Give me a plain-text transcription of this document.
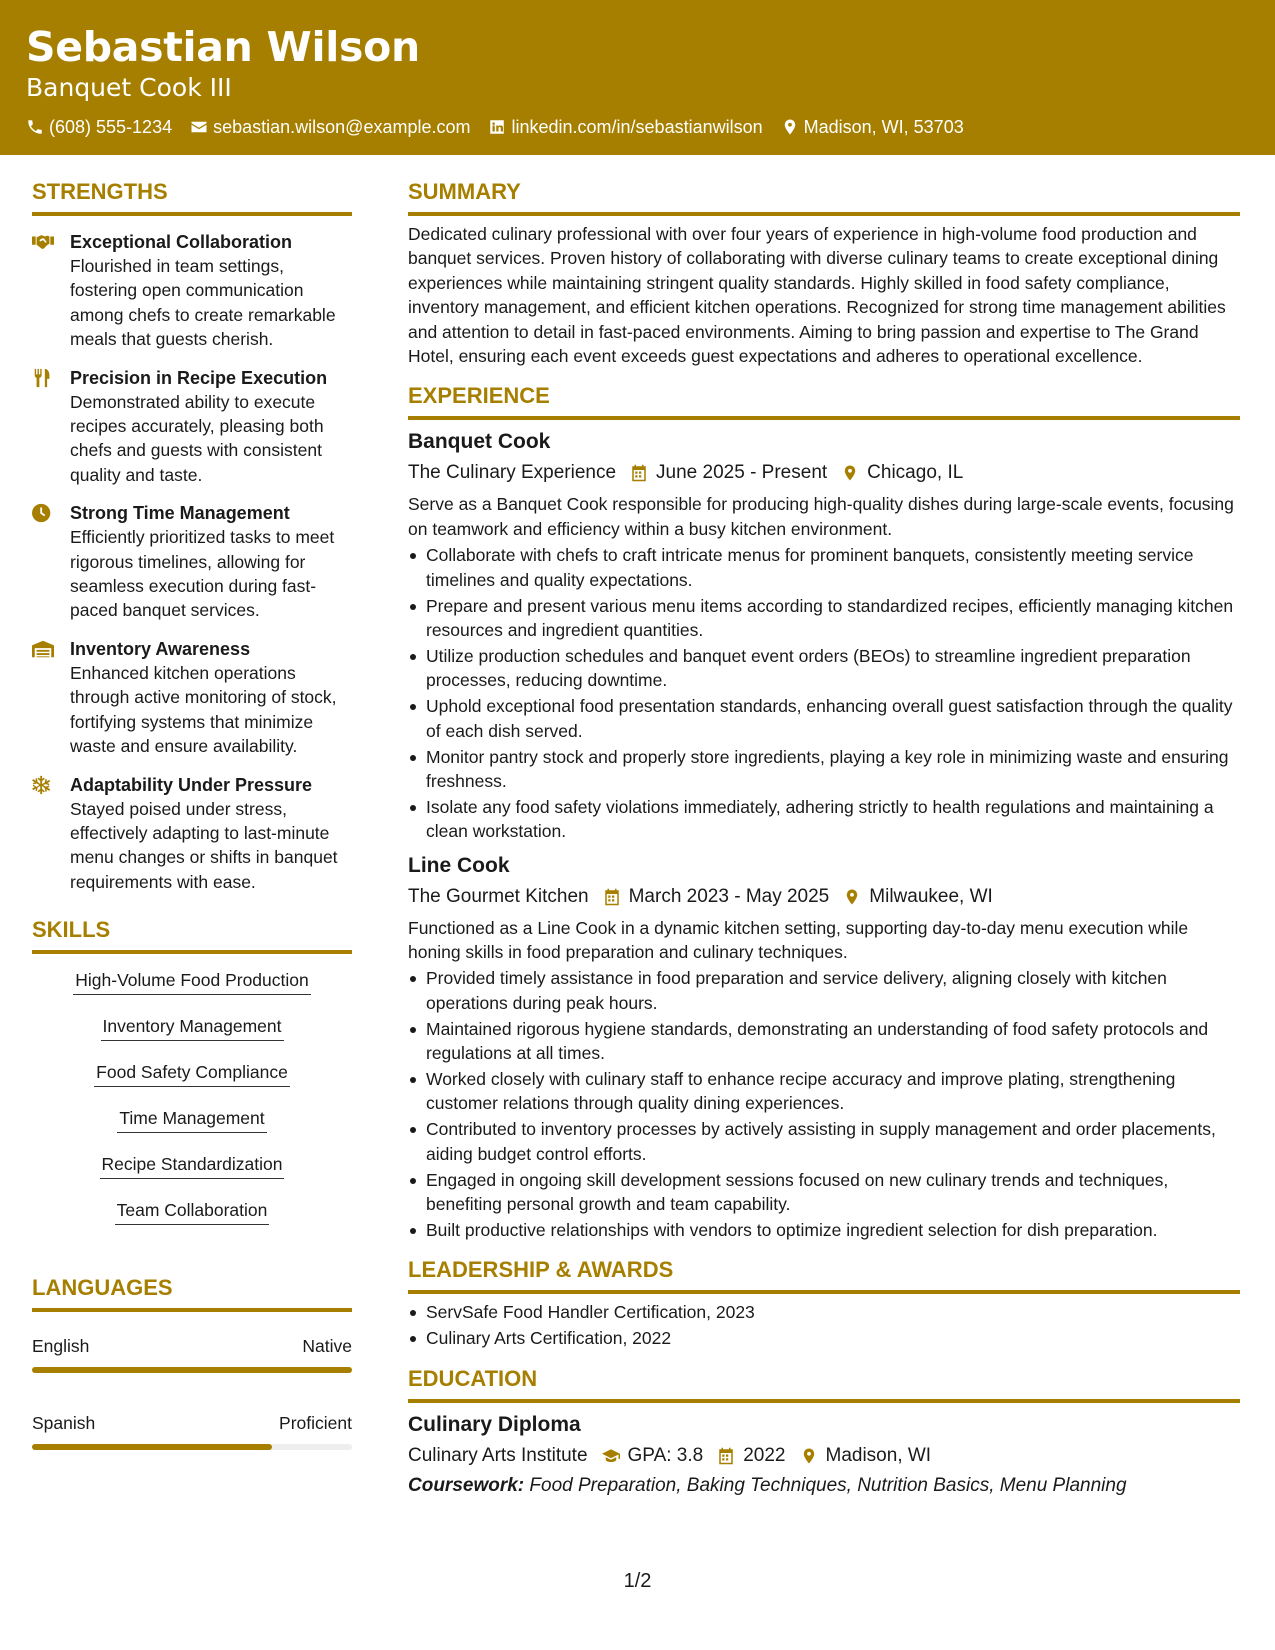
Sebastian Wilson
Banquet Cook III
(608) 555-1234 sebastian.wilson@example.com linkedin.com/in/sebastianwilson Madison, WI, 53703
STRENGTHS
Exceptional Collaboration
Flourished in team settings, fostering open communication among chefs to create remarkable meals that guests cherish.
Precision in Recipe Execution
Demonstrated ability to execute recipes accurately, pleasing both chefs and guests with consistent quality and taste.
Strong Time Management
Efficiently prioritized tasks to meet rigorous timelines, allowing for seamless execution during fast-paced banquet services.
Inventory Awareness
Enhanced kitchen operations through active monitoring of stock, fortifying systems that minimize waste and ensure availability.
Adaptability Under Pressure
Stayed poised under stress, effectively adapting to last-minute menu changes or shifts in banquet requirements with ease.
SKILLS
High-Volume Food Production
Inventory Management
Food Safety Compliance
Time Management
Recipe Standardization
Team Collaboration
LANGUAGES
English	Native
Spanish	Proficient
SUMMARY
Dedicated culinary professional with over four years of experience in high-volume food production and banquet services. Proven history of collaborating with diverse culinary teams to create exceptional dining experiences while maintaining stringent quality standards. Highly skilled in food safety compliance, inventory management, and efficient kitchen operations. Recognized for strong time management abilities and attention to detail in fast-paced environments. Aiming to bring passion and expertise to The Grand Hotel, ensuring each event exceeds guest expectations and adheres to operational excellence.
EXPERIENCE
Banquet Cook
The Culinary Experience June 2025 - Present Chicago, IL
Serve as a Banquet Cook responsible for producing high-quality dishes during large-scale events, focusing on teamwork and efficiency within a busy kitchen environment.
Collaborate with chefs to craft intricate menus for prominent banquets, consistently meeting service timelines and quality expectations.
Prepare and present various menu items according to standardized recipes, efficiently managing kitchen resources and ingredient quantities.
Utilize production schedules and banquet event orders (BEOs) to streamline ingredient preparation processes, reducing downtime.
Uphold exceptional food presentation standards, enhancing overall guest satisfaction through the quality of each dish served.
Monitor pantry stock and properly store ingredients, playing a key role in minimizing waste and ensuring freshness.
Isolate any food safety violations immediately, adhering strictly to health regulations and maintaining a clean workstation.
Line Cook
The Gourmet Kitchen March 2023 - May 2025 Milwaukee, WI
Functioned as a Line Cook in a dynamic kitchen setting, supporting day-to-day menu execution while honing skills in food preparation and culinary techniques.
Provided timely assistance in food preparation and service delivery, aligning closely with kitchen operations during peak hours.
Maintained rigorous hygiene standards, demonstrating an understanding of food safety protocols and regulations at all times.
Worked closely with culinary staff to enhance recipe accuracy and improve plating, strengthening customer relations through quality dining experiences.
Contributed to inventory processes by actively assisting in supply management and order placements, aiding budget control efforts.
Engaged in ongoing skill development sessions focused on new culinary trends and techniques, benefiting personal growth and team capability.
Built productive relationships with vendors to optimize ingredient selection for dish preparation.
LEADERSHIP & AWARDS
ServSafe Food Handler Certification, 2023
Culinary Arts Certification, 2022
EDUCATION
Culinary Diploma
Culinary Arts Institute GPA: 3.8 2022 Madison, WI
Coursework: Food Preparation, Baking Techniques, Nutrition Basics, Menu Planning
1/2
